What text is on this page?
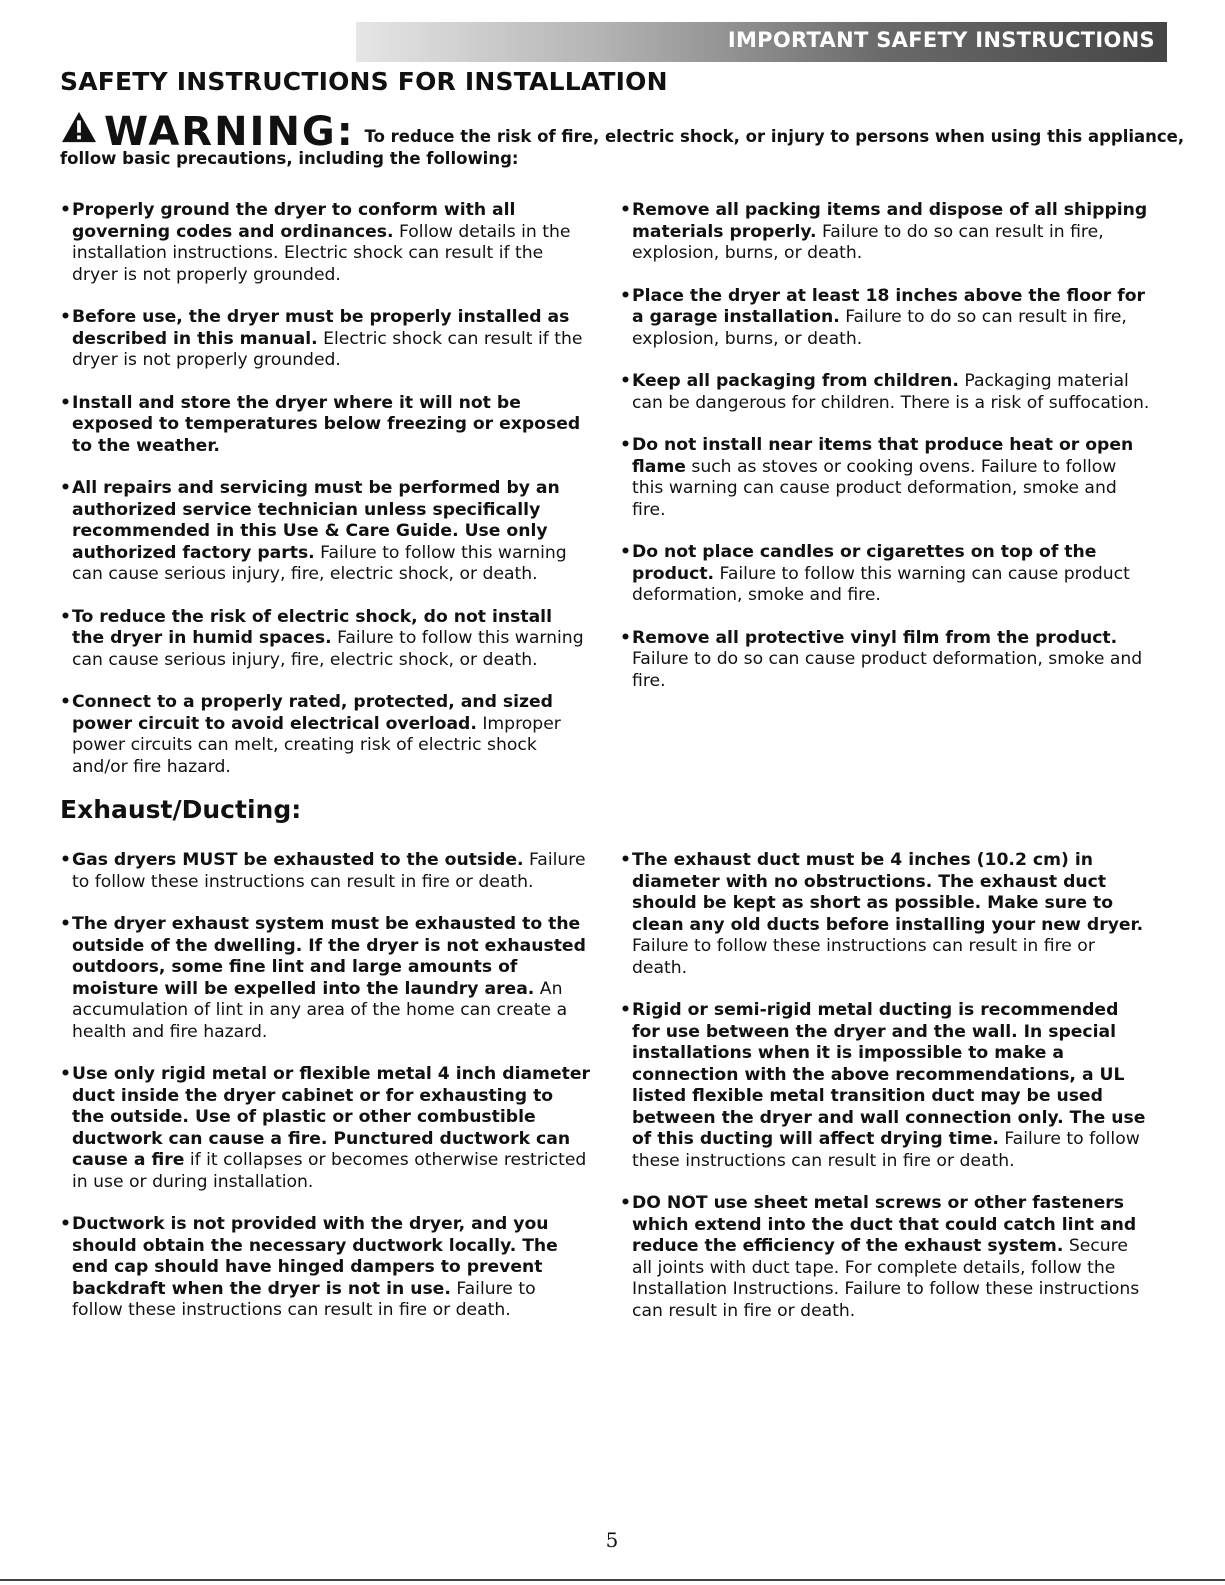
IMPORTANT SAFETY INSTRUCTIONS
SAFETY INSTRUCTIONS FOR INSTALLATION
WARNING: To reduce the risk of fire, electric shock, or injury to persons when using this appliance,
follow basic precautions, including the following:
• Properly ground the dryer to conform with all governing codes and ordinances. Follow details in the installation instructions. Electric shock can result if the dryer is not properly grounded.
• Before use, the dryer must be properly installed as described in this manual. Electric shock can result if the dryer is not properly grounded.
• Install and store the dryer where it will not be exposed to temperatures below freezing or exposed to the weather.
• All repairs and servicing must be performed by an authorized service technician unless specifically recommended in this Use & Care Guide. Use only authorized factory parts. Failure to follow this warning can cause serious injury, fire, electric shock, or death.
• To reduce the risk of electric shock, do not install the dryer in humid spaces. Failure to follow this warning can cause serious injury, fire, electric shock, or death.
• Connect to a properly rated, protected, and sized power circuit to avoid electrical overload. Improper power circuits can melt, creating risk of electric shock and/or fire hazard.
• Remove all packing items and dispose of all shipping materials properly. Failure to do so can result in fire, explosion, burns, or death.
• Place the dryer at least 18 inches above the floor for a garage installation. Failure to do so can result in fire, explosion, burns, or death.
• Keep all packaging from children. Packaging material can be dangerous for children. There is a risk of suffocation.
• Do not install near items that produce heat or open flame such as stoves or cooking ovens. Failure to follow this warning can cause product deformation, smoke and fire.
• Do not place candles or cigarettes on top of the product. Failure to follow this warning can cause product deformation, smoke and fire.
• Remove all protective vinyl film from the product. Failure to do so can cause product deformation, smoke and fire.
Exhaust/Ducting:
• Gas dryers MUST be exhausted to the outside. Failure to follow these instructions can result in fire or death.
• The dryer exhaust system must be exhausted to the outside of the dwelling. If the dryer is not exhausted outdoors, some fine lint and large amounts of moisture will be expelled into the laundry area. An accumulation of lint in any area of the home can create a health and fire hazard.
• Use only rigid metal or flexible metal 4 inch diameter duct inside the dryer cabinet or for exhausting to the outside. Use of plastic or other combustible ductwork can cause a fire. Punctured ductwork can cause a fire if it collapses or becomes otherwise restricted in use or during installation.
• Ductwork is not provided with the dryer, and you should obtain the necessary ductwork locally. The end cap should have hinged dampers to prevent backdraft when the dryer is not in use. Failure to follow these instructions can result in fire or death.
• The exhaust duct must be 4 inches (10.2 cm) in diameter with no obstructions. The exhaust duct should be kept as short as possible. Make sure to clean any old ducts before installing your new dryer. Failure to follow these instructions can result in fire or death.
• Rigid or semi-rigid metal ducting is recommended for use between the dryer and the wall. In special installations when it is impossible to make a connection with the above recommendations, a UL listed flexible metal transition duct may be used between the dryer and wall connection only. The use of this ducting will affect drying time. Failure to follow these instructions can result in fire or death.
• DO NOT use sheet metal screws or other fasteners which extend into the duct that could catch lint and reduce the efficiency of the exhaust system. Secure all joints with duct tape. For complete details, follow the Installation Instructions. Failure to follow these instructions can result in fire or death.
5
